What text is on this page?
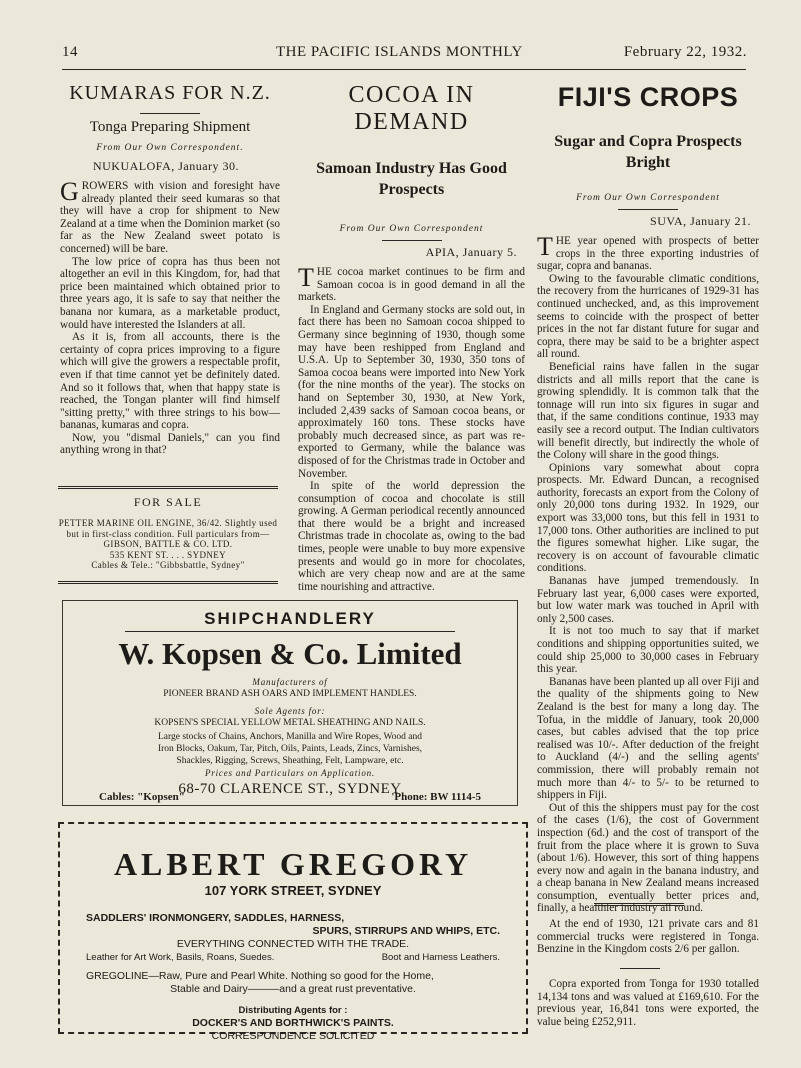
14	THE PACIFIC ISLANDS MONTHLY	February 22, 1932.
KUMARAS FOR N.Z.
Tonga Preparing Shipment
From Our Own Correspondent.
NUKUALOFA, January 30.

GROWERS with vision and foresight have already planted their seed kumaras so that they will have a crop for shipment to New Zealand at a time when the Dominion market (so far as the New Zealand sweet potato is concerned) will be bare.

The low price of copra has thus been not altogether an evil in this Kingdom, for, had that price been maintained which obtained prior to three years ago, it is safe to say that neither the banana nor kumara, as a marketable product, would have interested the Islanders at all.

As it is, from all accounts, there is the certainty of copra prices improving to a figure which will give the growers a respectable profit, even if that time cannot yet be definitely dated. And so it follows that, when that happy state is reached, the Tongan planter will find himself "sitting pretty," with three strings to his bow—bananas, kumaras and copra.

Now, you "dismal Daniels," can you find anything wrong in that?

FOR SALE
PETTER MARINE OIL ENGINE, 36/42. Slightly used but in first-class condition. Full particulars from—
GIBSON, BATTLE & CO. LTD.
535 KENT ST. . . . SYDNEY
Cables & Tele.: "Gibbsbattle, Sydney"
COCOA IN DEMAND
Samoan Industry Has Good Prospects
From Our Own Correspondent
APIA, January 5.

THE cocoa market continues to be firm and Samoan cocoa is in good demand in all the markets.

In England and Germany stocks are sold out, in fact there has been no Samoan cocoa shipped to Germany since beginning of 1930, though some may have been reshipped from England and U.S.A. Up to September 30, 1930, 350 tons of Samoa cocoa beans were imported into New York (for the nine months of the year). The stocks on hand on September 30, 1930, at New York, included 2,439 sacks of Samoan cocoa beans, or approximately 160 tons. These stocks have probably much decreased since, as part was re-exported to Germany, while the balance was disposed of for the Christmas trade in October and November.

In spite of the world depression the consumption of cocoa and chocolate is still growing. A German periodical recently announced that there would be a bright and increased Christmas trade in chocolate as, owing to the bad times, people were unable to buy more expensive presents and would go in more for chocolates, which are very cheap now and are at the same time nourishing and attractive.

FIJI'S CROPS
Sugar and Copra Prospects Bright
From Our Own Correspondent
SUVA, January 21.

THE year opened with prospects of better crops in the three exporting industries of sugar, copra and bananas.

Owing to the favourable climatic conditions, the recovery from the hurricanes of 1929-31 has continued unchecked, and, as this improvement seems to coincide with the prospect of better prices in the not far distant future for sugar and copra, there may be said to be a brighter aspect all round.

Beneficial rains have fallen in the sugar districts and all mills report that the cane is growing splendidly. It is common talk that the tonnage will run into six figures in sugar and that, if the same conditions continue, 1933 may easily see a record output. The Indian cultivators will benefit directly, but indirectly the whole of the Colony will share in the good things.

Opinions vary somewhat about copra prospects. Mr. Edward Duncan, a recognised authority, forecasts an export from the Colony of only 20,000 tons during 1932. In 1929, our export was 33,000 tons, but this fell in 1931 to 17,000 tons. Other authorities are inclined to put the figures somewhat higher. Like sugar, the recovery is on account of favourable climatic conditions.

Bananas have jumped tremendously. In February last year, 6,000 cases were exported, but low water mark was touched in April with only 2,500 cases.

It is not too much to say that if market conditions and shipping opportunities suited, we could ship 25,000 to 30,000 cases in February this year.

Bananas have been planted up all over Fiji and the quality of the shipments going to New Zealand is the best for many a long day. The Tofua, in the middle of January, took 20,000 cases, but cables advised that the top price realised was 10/-. After deduction of the freight to Auckland (4/-) and the selling agents' commission, there will probably remain not much more than 4/- to 5/- to be returned to shippers in Fiji.

Out of this the shippers must pay for the cost of the cases (1/6), the cost of Government inspection (6d.) and the cost of transport of the fruit from the place where it is grown to Suva (about 1/6). However, this sort of thing happens every now and again in the banana industry, and a cheap banana in New Zealand means increased consumption, eventually better prices and, finally, a healthier industry all round.

At the end of 1930, 121 private cars and 81 commercial trucks were registered in Tonga. Benzine in the Kingdom costs 2/6 per gallon.

Copra exported from Tonga for 1930 totalled 14,134 tons and was valued at £169,610. For the previous year, 16,841 tons were exported, the value being £252,911.

SHIPCHANDLERY
W. Kopsen & Co. Limited
Manufacturers of
PIONEER BRAND ASH OARS AND IMPLEMENT HANDLES.
Sole Agents for:
KOPSEN'S SPECIAL YELLOW METAL SHEATHING AND NAILS.
Large stocks of Chains, Anchors, Manilla and Wire Ropes, Wood and
Iron Blocks, Oakum, Tar, Pitch, Oils, Paints, Leads, Zincs, Varnishes,
Shackles, Rigging, Screws, Sheathing, Felt, Lampware, etc.
Prices and Particulars on Application.
68-70 CLARENCE ST., SYDNEY
Cables: "Kopsen"	'Phone: BW 1114-5
ALBERT GREGORY
107 YORK STREET, SYDNEY
SADDLERS' IRONMONGERY, SADDLES, HARNESS,
SPURS, STIRRUPS AND WHIPS, ETC.
EVERYTHING CONNECTED WITH THE TRADE.
Leather for Art Work, Basils, Roans, Suedes.	Boot and Harness Leathers.
GREGOLINE—Raw, Pure and Pearl White. Nothing so good for the Home,
Stable and Dairy———and a great rust preventative.
Distributing Agents for :
DOCKER'S AND BORTHWICK'S PAINTS.
CORRESPONDENCE SOLICITED
